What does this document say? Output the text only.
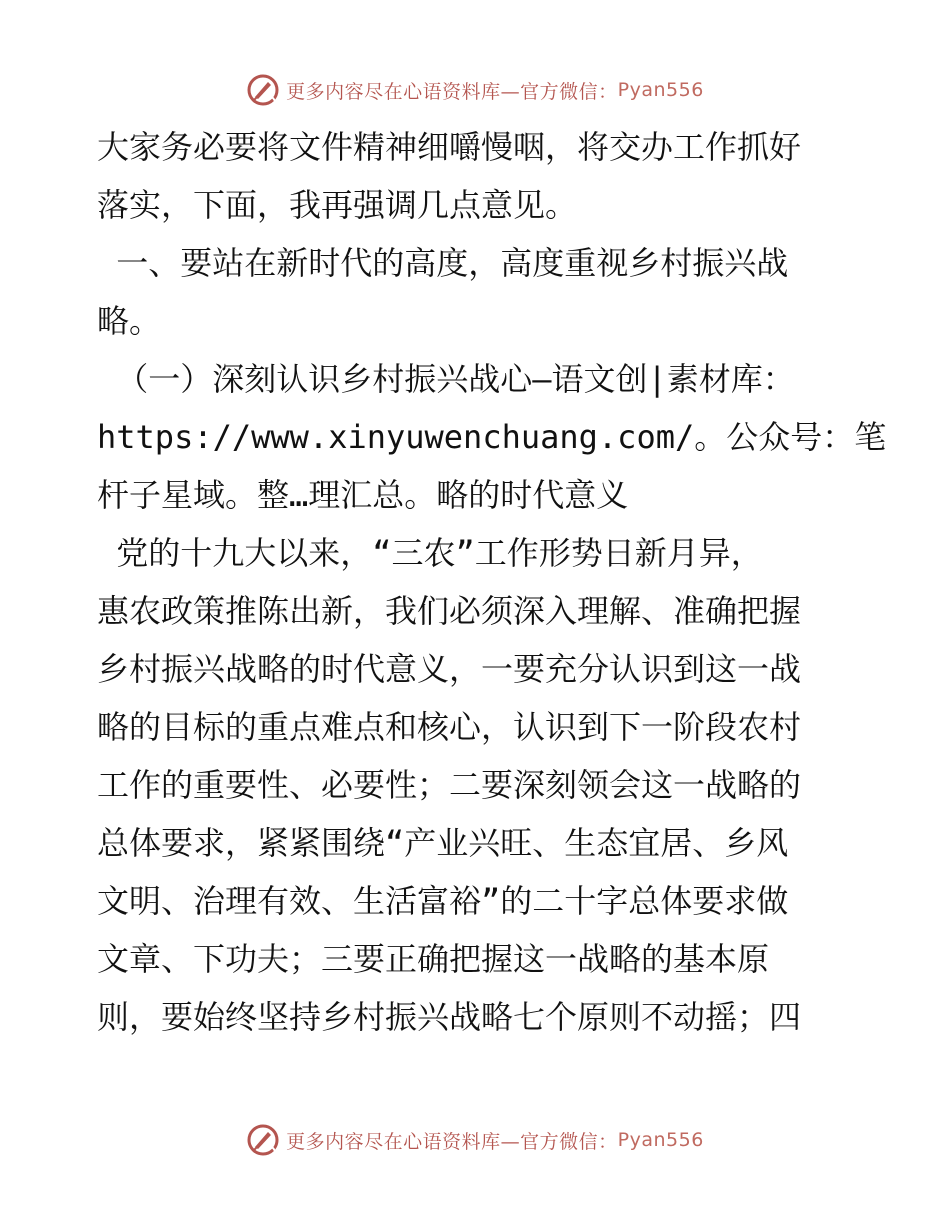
更多内容尽在心语资料库—官方微信： Pyan556
大家务必要将文件精神细嚼慢咽，将交办工作抓好
落实，下面，我再强调几点意见。
一、要站在新时代的高度，高度重视乡村振兴战
略。
（一）深刻认识乡村振兴战心—语文创|素材库：
https://www.xinyuwenchuang.com/。公众号：笔
杆子星域。整…理汇总。略的时代意义
党的十九大以来，“三农”工作形势日新月异，
惠农政策推陈出新，我们必须深入理解、准确把握
乡村振兴战略的时代意义，一要充分认识到这一战
略的目标的重点难点和核心，认识到下一阶段农村
工作的重要性、必要性；二要深刻领会这一战略的
总体要求，紧紧围绕“产业兴旺、生态宜居、乡风
文明、治理有效、生活富裕”的二十字总体要求做
文章、下功夫；三要正确把握这一战略的基本原
则，要始终坚持乡村振兴战略七个原则不动摇；四
更多内容尽在心语资料库—官方微信： Pyan556
